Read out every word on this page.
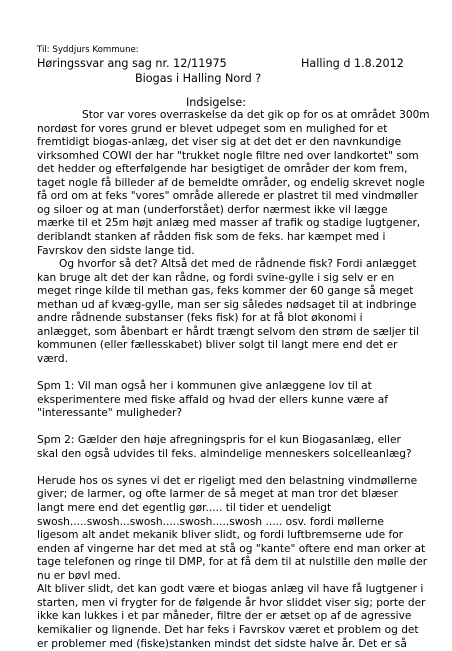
Til: Syddjurs Kommune:
Høringssvar ang sag nr. 12/11975	Halling d 1.8.2012
Biogas i Halling Nord ?
Indsigelse:
Stor var vores overraskelse da det gik op for os at området 300m
nordøst for vores grund er blevet udpeget som en mulighed for et
fremtidigt biogas-anlæg, det viser sig at det det er den navnkundige
virksomhed COWI der har "trukket nogle filtre ned over landkortet" som
det hedder og efterfølgende har besigtiget de områder der kom frem,
taget nogle få billeder af de bemeldte områder, og endelig skrevet nogle
få ord om at feks "vores" område allerede er plastret til med vindmøller
og siloer og at man (underforstået) derfor nærmest ikke vil lægge
mærke til et 25m højt anlæg med masser af trafik og stadige lugtgener,
deriblandt stanken af rådden fisk som de feks. har kæmpet med i
Favrskov den sidste lange tid.
Og hvorfor så det? Altså det med de rådnende fisk? Fordi anlægget
kan bruge alt det der kan rådne, og fordi svine-gylle i sig selv er en
meget ringe kilde til methan gas, feks kommer der 60 gange så meget
methan ud af kvæg-gylle, man ser sig således nødsaget til at indbringe
andre rådnende substanser (feks fisk) for at få blot økonomi i
anlægget, som åbenbart er hårdt trængt selvom den strøm de sæljer til
kommunen (eller fællesskabet) bliver solgt til langt mere end det er
værd.
Spm 1: Vil man også her i kommunen give anlæggene lov til at
eksperimentere med fiske affald og hvad der ellers kunne være af
"interessante" muligheder?
Spm 2: Gælder den høje afregningspris for el kun Biogasanlæg, eller
skal den også udvides til feks. almindelige menneskers solcelleanlæg?
Herude hos os synes vi det er rigeligt med den belastning vindmøllerne
giver; de larmer, og ofte larmer de så meget at man tror det blæser
langt mere end det egentlig gør..... til tider et uendeligt
swosh.....swosh...swosh.....swosh.....swosh ..... osv. fordi møllerne
ligesom alt andet mekanik bliver slidt, og fordi luftbremserne ude for
enden af vingerne har det med at stå og "kante" oftere end man orker at
tage telefonen og ringe til DMP, for at få dem til at nulstille den mølle der
nu er bøvl med.
Alt bliver slidt, det kan godt være et biogas anlæg vil have få lugtgener i
starten, men vi frygter for de følgende år hvor sliddet viser sig; porte der
ikke kan lukkes i et par måneder, filtre der er ætset op af de agressive
kemikalier og lignende. Det har feks i Favrskov været et problem og det
er problemer med (fiske)stanken mindst det sidste halve år. Det er så
